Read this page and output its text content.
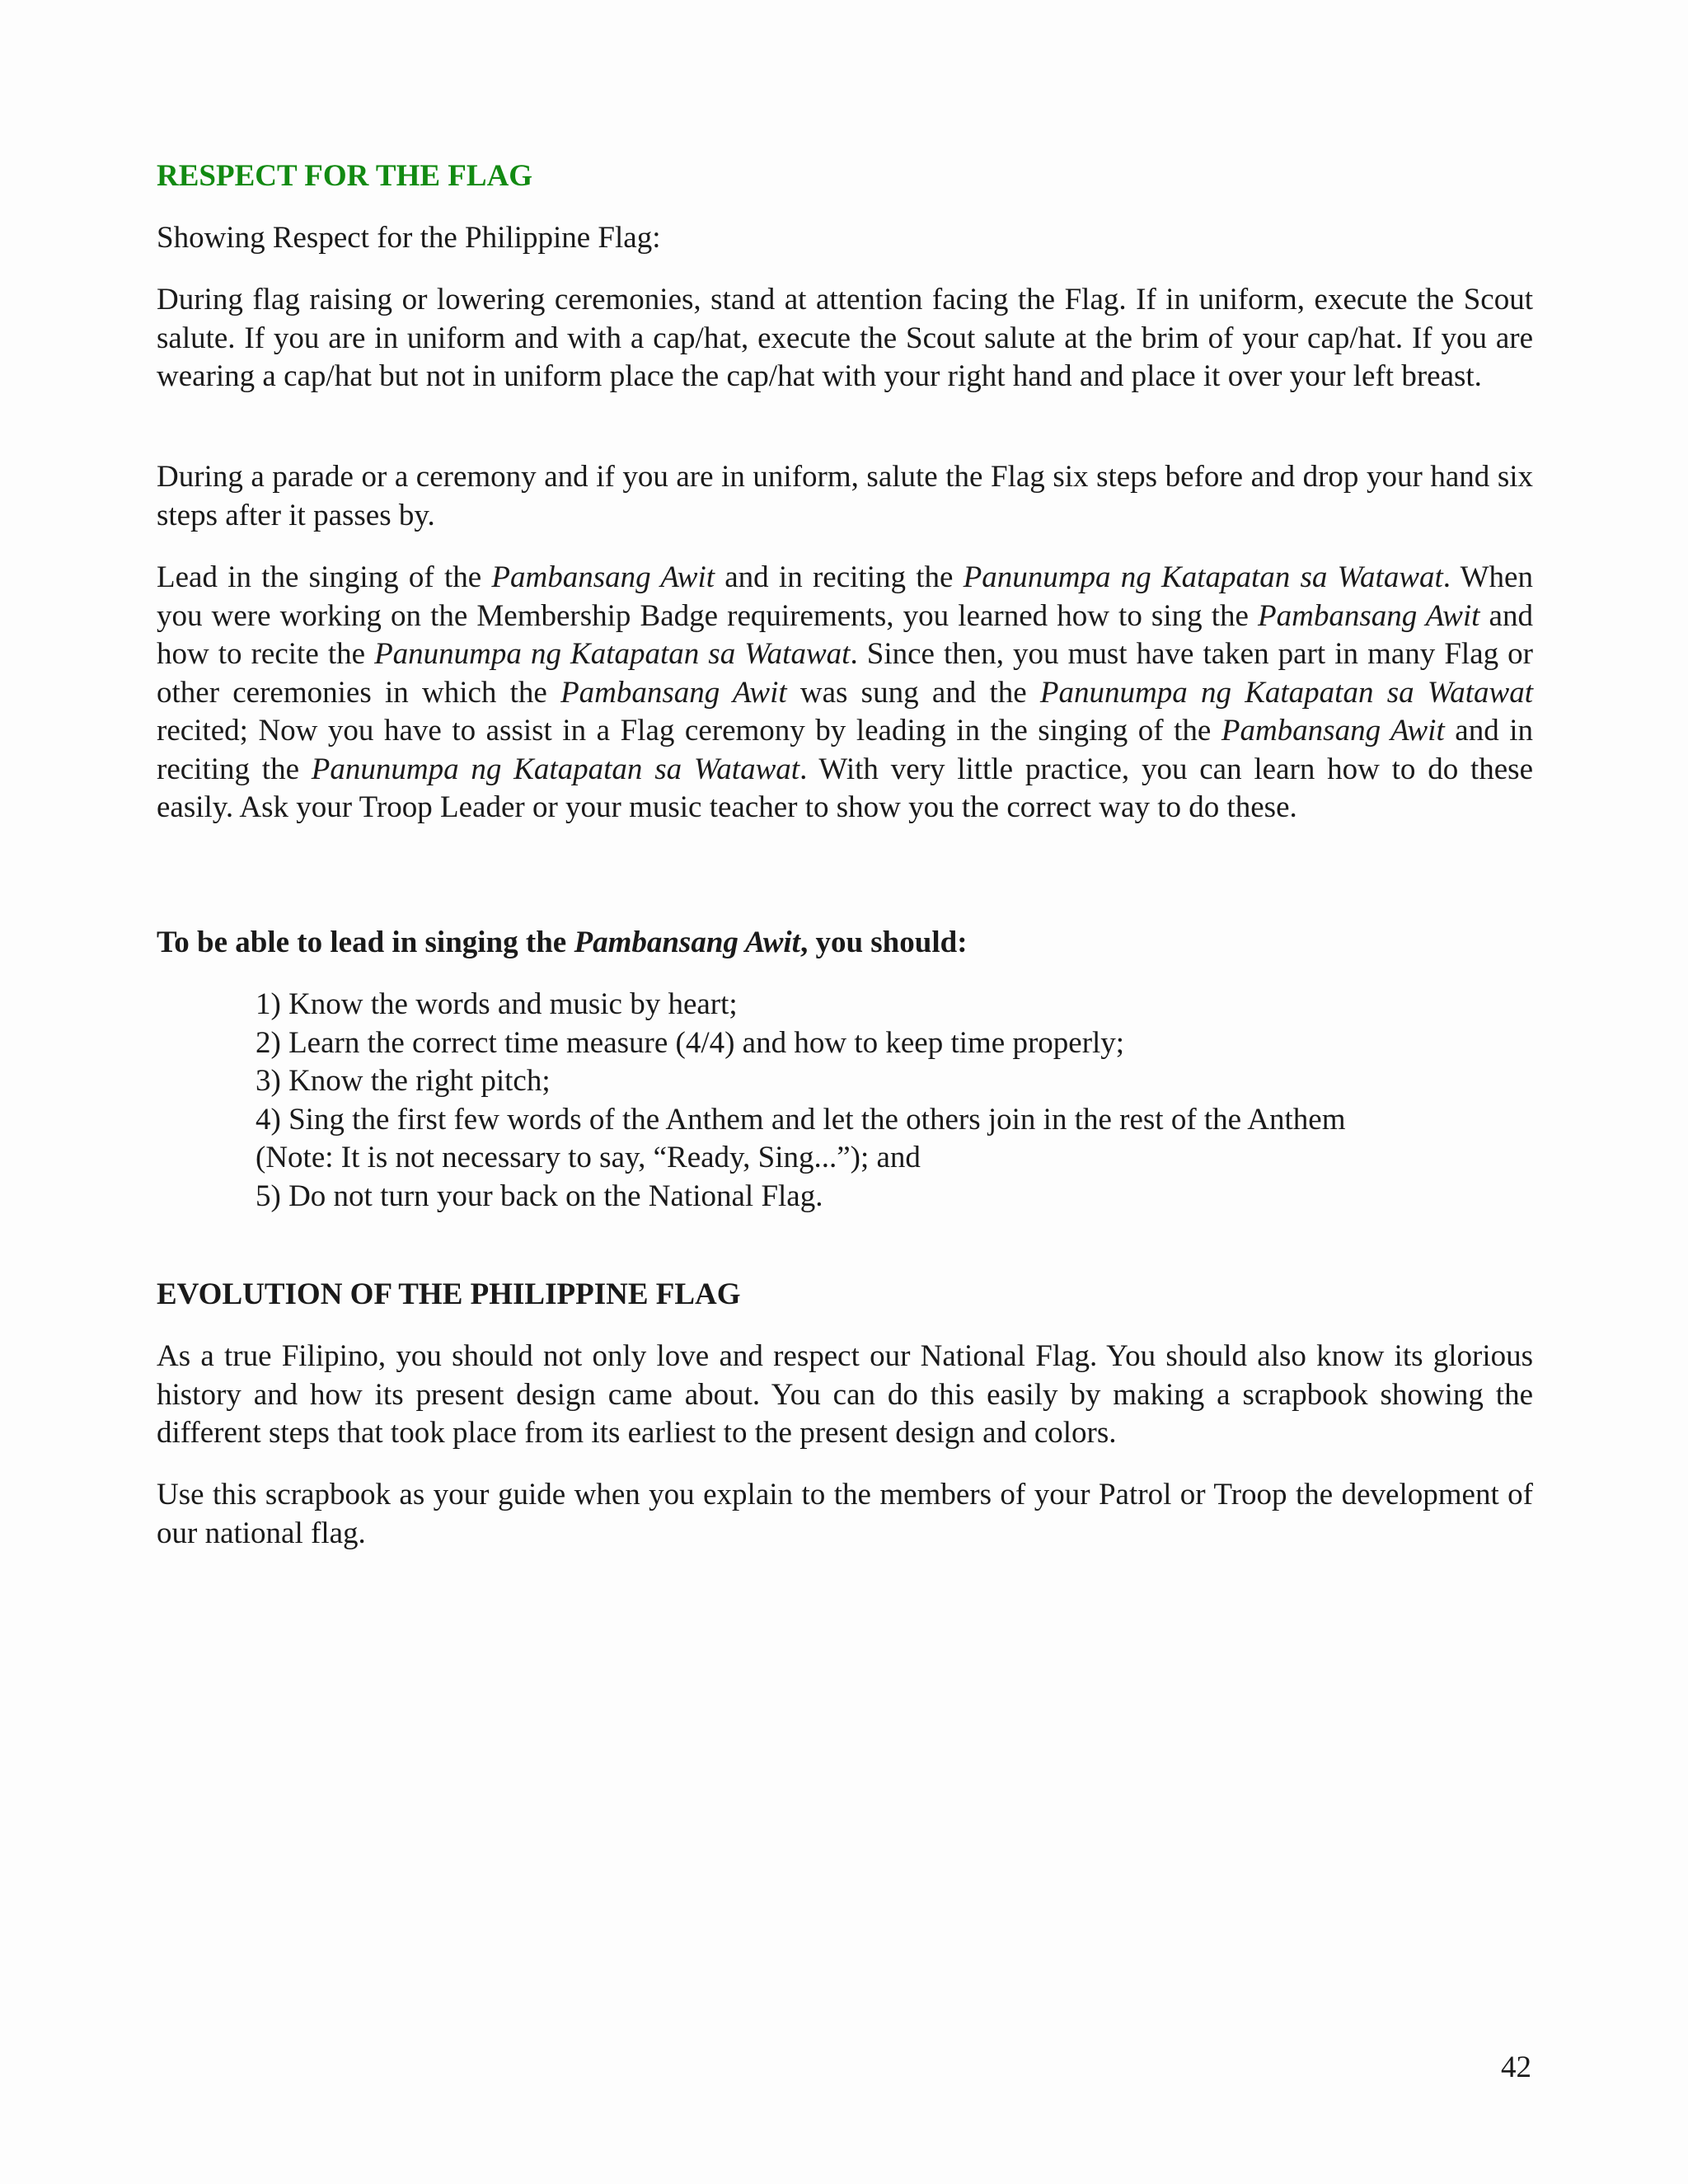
RESPECT FOR THE FLAG

Showing Respect for the Philippine Flag:

During flag raising or lowering ceremonies, stand at attention facing the Flag. If in uniform, execute the Scout salute. If you are in uniform and with a cap/hat, execute the Scout salute at the brim of your cap/hat. If you are wearing a cap/hat but not in uniform place the cap/hat with your right hand and place it over your left breast.

During a parade or a ceremony and if you are in uniform, salute the Flag six steps before and drop your hand six steps after it passes by.

Lead in the singing of the Pambansang Awit and in reciting the Panunumpa ng Katapatan sa Watawat. When you were working on the Membership Badge requirements, you learned how to sing the Pambansang Awit and how to recite the Panunumpa ng Katapatan sa Watawat. Since then, you must have taken part in many Flag or other ceremonies in which the Pambansang Awit was sung and the Panunumpa ng Katapatan sa Watawat recited; Now you have to assist in a Flag ceremony by leading in the singing of the Pambansang Awit and in reciting the Panunumpa ng Katapatan sa Watawat. With very little practice, you can learn how to do these easily. Ask your Troop Leader or your music teacher to show you the correct way to do these.

To be able to lead in singing the Pambansang Awit, you should:

1) Know the words and music by heart;

2) Learn the correct time measure (4/4) and how to keep time properly;

3) Know the right pitch;

4) Sing the first few words of the Anthem and let the others join in the rest of the Anthem

(Note: It is not necessary to say, “Ready, Sing...”); and

5) Do not turn your back on the National Flag.

EVOLUTION OF THE PHILIPPINE FLAG

As a true Filipino, you should not only love and respect our National Flag. You should also know its glorious history and how its present design came about. You can do this easily by making a scrapbook showing the different steps that took place from its earliest to the present design and colors.

Use this scrapbook as your guide when you explain to the members of your Patrol or Troop the development of our national flag.

42
